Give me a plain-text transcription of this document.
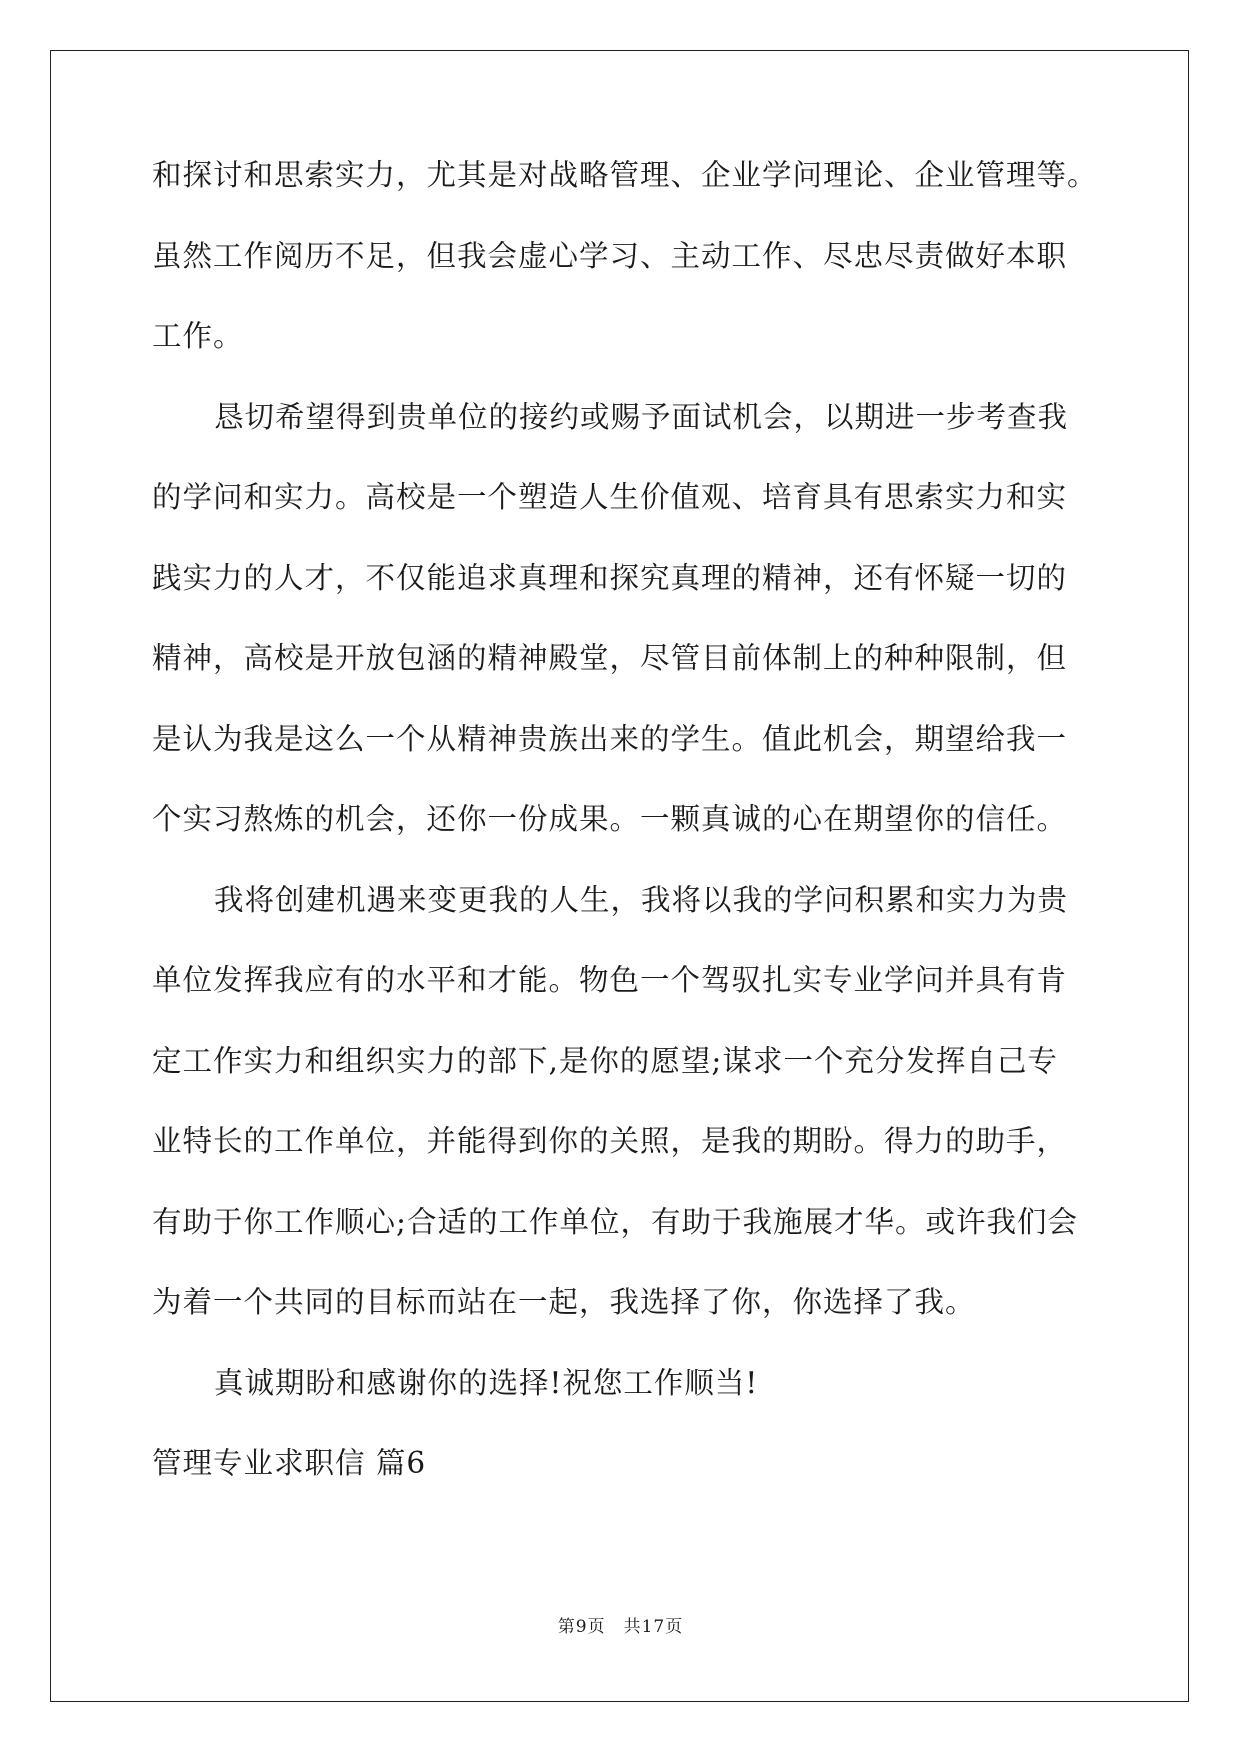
和探讨和思索实力，尤其是对战略管理、企业学问理论、企业管理等。
虽然工作阅历不足，但我会虚心学习、主动工作、尽忠尽责做好本职
工作。
恳切希望得到贵单位的接约或赐予面试机会，以期进一步考查我
的学问和实力。高校是一个塑造人生价值观、培育具有思索实力和实
践实力的人才，不仅能追求真理和探究真理的精神，还有怀疑一切的
精神，高校是开放包涵的精神殿堂，尽管目前体制上的种种限制，但
是认为我是这么一个从精神贵族出来的学生。值此机会，期望给我一
个实习熬炼的机会，还你一份成果。一颗真诚的心在期望你的信任。
我将创建机遇来变更我的人生，我将以我的学问积累和实力为贵
单位发挥我应有的水平和才能。物色一个驾驭扎实专业学问并具有肯
定工作实力和组织实力的部下,是你的愿望;谋求一个充分发挥自己专
业特长的工作单位，并能得到你的关照，是我的期盼。得力的助手，
有助于你工作顺心;合适的工作单位，有助于我施展才华。或许我们会
为着一个共同的目标而站在一起，我选择了你，你选择了我。
真诚期盼和感谢你的选择!祝您工作顺当!
管理专业求职信 篇6
第9页　共17页
